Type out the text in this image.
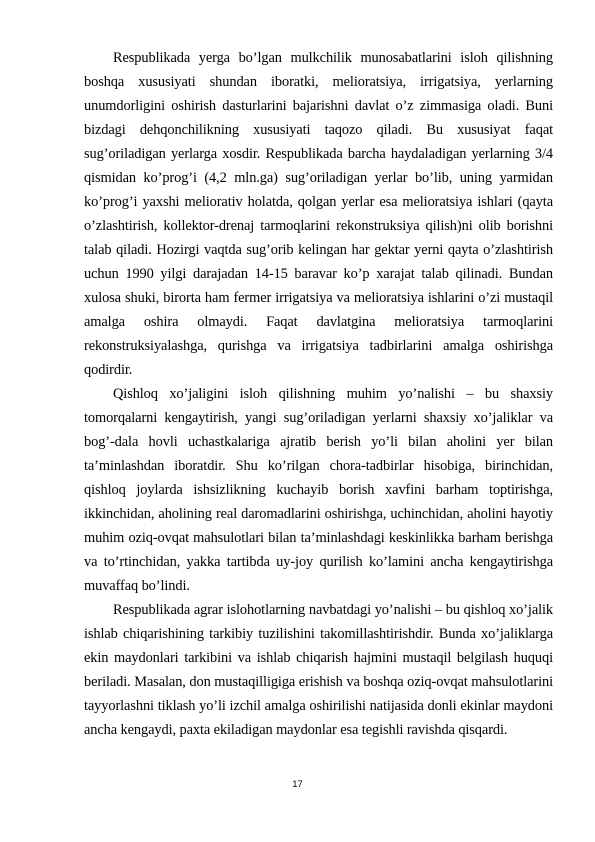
Respublikada yerga bo’lgan mulkchilik munosabatlarini isloh qilishning boshqa xususiyati shundan iboratki, melioratsiya, irrigatsiya, yerlarning unumdorligini oshirish dasturlarini bajarishni davlat o’z zimmasiga oladi. Buni bizdagi dehqonchilikning xususiyati taqozo qiladi. Bu xususiyat faqat sug’oriladigan yerlarga xosdir. Respublikada barcha haydaladigan yerlarning 3/4 qismidan ko’prog’i (4,2 mln.ga) sug’oriladigan yerlar bo’lib, uning yarmidan ko’prog’i yaxshi meliorativ holatda, qolgan yerlar esa melioratsiya ishlari (qayta o’zlashtirish, kollektor-drenaj tarmoqlarini rekonstruksiya qilish)ni olib borishni talab qiladi. Hozirgi vaqtda sug’orib kelingan har gektar yerni qayta o’zlashtirish uchun 1990 yilgi darajadan 14-15 baravar ko’p xarajat talab qilinadi. Bundan xulosa shuki, birorta ham fermer irrigatsiya va melioratsiya ishlarini o’zi mustaqil amalga oshira olmaydi. Faqat davlatgina melioratsiya tarmoqlarini rekonstruksiyalashga, qurishga va irrigatsiya tadbirlarini amalga oshirishga qodirdir.

Qishloq xo’jaligini isloh qilishning muhim yo’nalishi – bu shaxsiy tomorqalarni kengaytirish, yangi sug’oriladigan yerlarni shaxsiy xo’jaliklar va bog’-dala hovli uchastkalariga ajratib berish yo’li bilan aholini yer bilan ta’minlashdan iboratdir. Shu ko’rilgan chora-tadbirlar hisobiga, birinchidan, qishloq joylarda ishsizlikning kuchayib borish xavfini barham toptirishga, ikkinchidan, aholining real daromadlarini oshirishga, uchinchidan, aholini hayotiy muhim oziq-ovqat mahsulotlari bilan ta’minlashdagi keskinlikka barham berishga va to’rtinchidan, yakka tartibda uy-joy qurilish ko’lamini ancha kengaytirishga muvaffaq bo’lindi.

Respublikada agrar islohotlarning navbatdagi yo’nalishi – bu qishloq xo’jalik ishlab chiqarishining tarkibiy tuzilishini takomillashtirishdir. Bunda xo’jaliklarga ekin maydonlari tarkibini va ishlab chiqarish hajmini mustaqil belgilash huquqi beriladi. Masalan, don mustaqilligiga erishish va boshqa oziq-ovqat mahsulotlarini tayyorlashni tiklash yo’li izchil amalga oshirilishi natijasida donli ekinlar maydoni ancha kengaydi, paxta ekiladigan maydonlar esa tegishli ravishda qisqardi.

17
